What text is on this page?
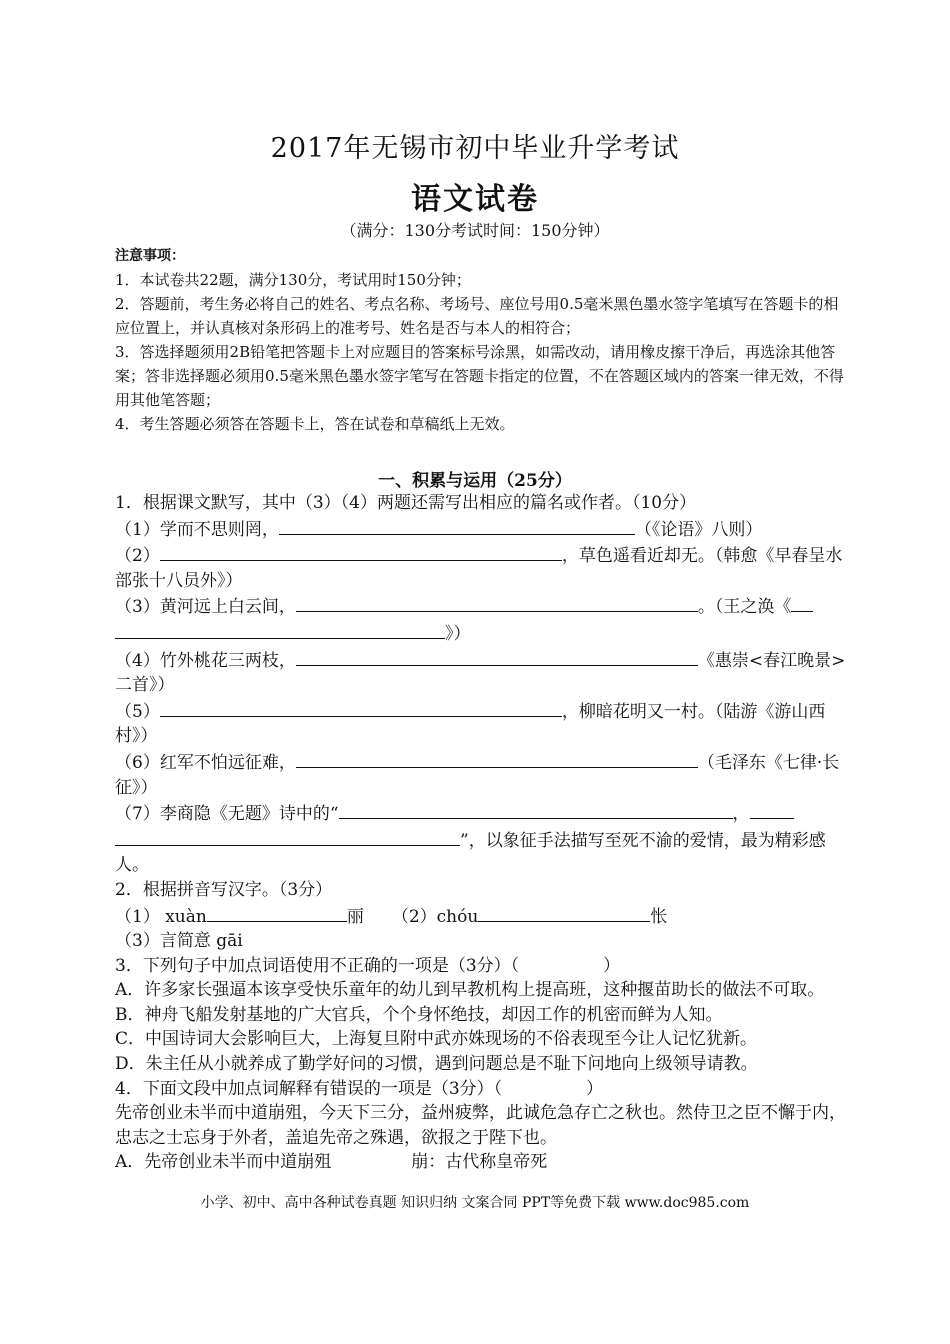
2017年无锡市初中毕业升学考试
语文试卷
（满分：130分考试时间：150分钟）

注意事项：

1．本试卷共22题，满分130分，考试用时150分钟；

2．答题前，考生务必将自己的姓名、考点名称、考场号、座位号用0.5毫米黑色墨水签字笔填写在答题卡的相应位置上，并认真核对条形码上的准考号、姓名是否与本人的相符合；

3．答选择题须用2B铅笔把答题卡上对应题目的答案标号涂黑，如需改动，请用橡皮擦干净后，再选涂其他答案；答非选择题必须用0.5毫米黑色墨水签字笔写在答题卡指定的位置，不在答题区域内的答案一律无效，不得用其他笔答题；

4．考生答题必须答在答题卡上，答在试卷和草稿纸上无效。

一、积累与运用（25分）

1．根据课文默写，其中（3）（4）两题还需写出相应的篇名或作者。（10分）

（1）学而不思则罔，	（《论语》八则）

（2）	，草色遥看近却无。（韩愈《早春呈水部张十八员外》）

（3）黄河远上白云间，	。（王之涣《
》）

（4）竹外桃花三两枝，	《惠崇<春江晚景>二首》）

（5）	，柳暗花明又一村。（陆游《游山西村》）

（6）红军不怕远征难，	（毛泽东《七律·长征》）

（7）李商隐《无题》诗中的“	，
”，以象征手法描写至死不渝的爱情，最为精彩感人。

2．根据拼音写汉字。（3分）

（1） xuàn	丽 （2）chóu	怅

（3）言简意 gāi

3．下列句子中加点词语使用不正确的一项是（3分）（	）

A．许多家长强逼本该享受快乐童年的幼儿到早教机构上提高班，这种揠苗助长的做法不可取。

B．神舟飞船发射基地的广大官兵，个个身怀绝技，却因工作的机密而鲜为人知。

C．中国诗词大会影响巨大，上海复旦附中武亦姝现场的不俗表现至今让人记忆犹新。

D．朱主任从小就养成了勤学好问的习惯，遇到问题总是不耻下问地向上级领导请教。

4．下面文段中加点词解释有错误的一项是（3分）（	）

先帝创业未半而中道崩殂，今天下三分，益州疲弊，此诚危急存亡之秋也。然侍卫之臣不懈于内，忠志之士忘身于外者，盖追先帝之殊遇，欲报之于陛下也。

A．先帝创业未半而中道崩殂	崩：古代称皇帝死

小学、初中、高中各种试卷真题 知识归纳 文案合同 PPT等免费下载 www.doc985.com
